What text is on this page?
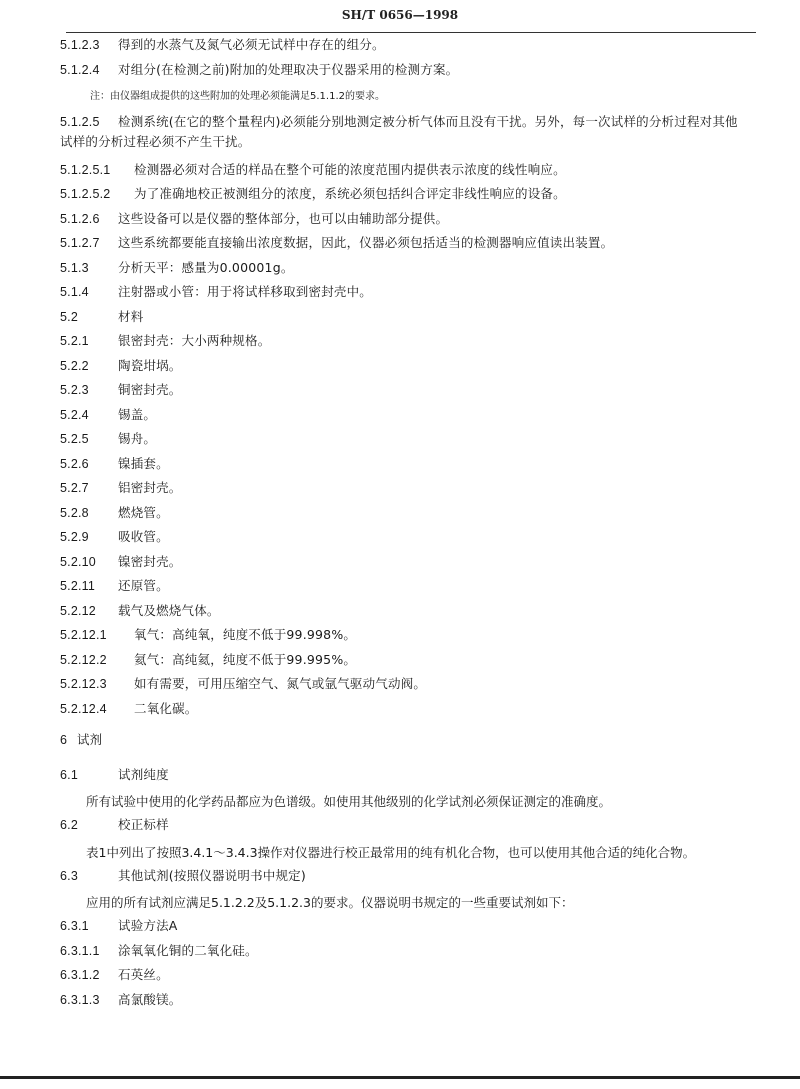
SH/T 0656—1998
5.1.2.3 得到的水蒸气及氮气必须无试样中存在的组分。
5.1.2.4 对组分(在检测之前)附加的处理取决于仪器采用的检测方案。
注：由仪器组成提供的这些附加的处理必须能满足5.1.1.2的要求。
5.1.2.5 检测系统(在它的整个量程内)必须能分别地测定被分析气体而且没有干扰。另外，每一次试样的分析过程对其他试样的分析过程必须不产生干扰。
5.1.2.5.1 检测器必须对合适的样品在整个可能的浓度范围内提供表示浓度的线性响应。
5.1.2.5.2 为了准确地校正被测组分的浓度，系统必须包括纠合评定非线性响应的设备。
5.1.2.6 这些设备可以是仪器的整体部分，也可以由辅助部分提供。
5.1.2.7 这些系统都要能直接输出浓度数据，因此，仪器必须包括适当的检测器响应值读出装置。
5.1.3 分析天平：感量为0.00001g。
5.1.4 注射器或小管：用于将试样移取到密封壳中。
5.2	材料
5.2.1 银密封壳：大小两种规格。
5.2.2 陶瓷坩埚。
5.2.3 铜密封壳。
5.2.4 锡盖。
5.2.5 锡舟。
5.2.6 镍插套。
5.2.7 铝密封壳。
5.2.8 燃烧管。
5.2.9 吸收管。
5.2.10 镍密封壳。
5.2.11 还原管。
5.2.12 载气及燃烧气体。
5.2.12.1 氧气：高纯氧，纯度不低于99.998%。
5.2.12.2 氦气：高纯氦，纯度不低于99.995%。
5.2.12.3 如有需要，可用压缩空气、氮气或氩气驱动气动阀。
5.2.12.4 二氧化碳。
6 试剂
6.1	试剂纯度
所有试验中使用的化学药品都应为色谱级。如使用其他级别的化学试剂必须保证测定的准确度。
6.2	校正标样
表1中列出了按照3.4.1～3.4.3操作对仪器进行校正最常用的纯有机化合物，也可以使用其他合适的纯化合物。
6.3	其他试剂(按照仪器说明书中规定)
应用的所有试剂应满足5.1.2.2及5.1.2.3的要求。仪器说明书规定的一些重要试剂如下：
6.3.1 试验方法A
6.3.1.1 涂氧氧化铜的二氧化硅。
6.3.1.2 石英丝。
6.3.1.3 高氯酸镁。
